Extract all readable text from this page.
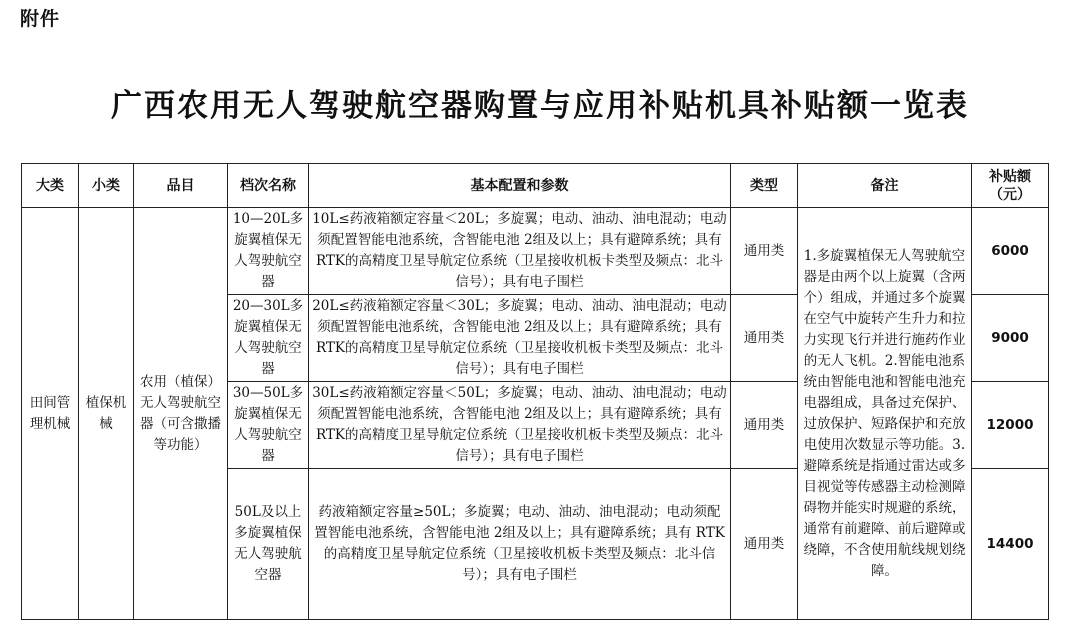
附件
广西农用无人驾驶航空器购置与应用补贴机具补贴额一览表
大类	小类	品目	档次名称	基本配置和参数	类型	备注	补贴额（元）
田间管理机械	植保机械	农用（植保）无人驾驶航空器（可含撒播等功能）	10—20L多旋翼植保无人驾驶航空器	10L≤药液箱额定容量＜20L；多旋翼；电动、油动、油电混动；电动须配置智能电池系统，含智能电池 2组及以上；具有避障系统；具有 RTK的高精度卫星导航定位系统（卫星接收机板卡类型及频点：北斗信号）；具有电子围栏	通用类	1.多旋翼植保无人驾驶航空器是由两个以上旋翼（含两个）组成，并通过多个旋翼在空气中旋转产生升力和拉力实现飞行并进行施药作业的无人飞机。2.智能电池系统由智能电池和智能电池充电器组成，具备过充保护、过放保护、短路保护和充放电使用次数显示等功能。3.避障系统是指通过雷达或多目视觉等传感器主动检测障碍物并能实时规避的系统，通常有前避障、前后避障或绕障，不含使用航线规划绕障。	6000
			20—30L多旋翼植保无人驾驶航空器	20L≤药液箱额定容量＜30L；多旋翼；电动、油动、油电混动；电动须配置智能电池系统，含智能电池 2组及以上；具有避障系统；具有 RTK的高精度卫星导航定位系统（卫星接收机板卡类型及频点：北斗信号）；具有电子围栏	通用类		9000
			30—50L多旋翼植保无人驾驶航空器	30L≤药液箱额定容量＜50L；多旋翼；电动、油动、油电混动；电动须配置智能电池系统，含智能电池 2组及以上；具有避障系统；具有 RTK的高精度卫星导航定位系统（卫星接收机板卡类型及频点：北斗信号）；具有电子围栏	通用类		12000
			50L及以上多旋翼植保无人驾驶航空器	药液箱额定容量≥50L；多旋翼；电动、油动、油电混动；电动须配置智能电池系统，含智能电池 2组及以上；具有避障系统；具有 RTK的高精度卫星导航定位系统（卫星接收机板卡类型及频点：北斗信号）；具有电子围栏	通用类		14400
